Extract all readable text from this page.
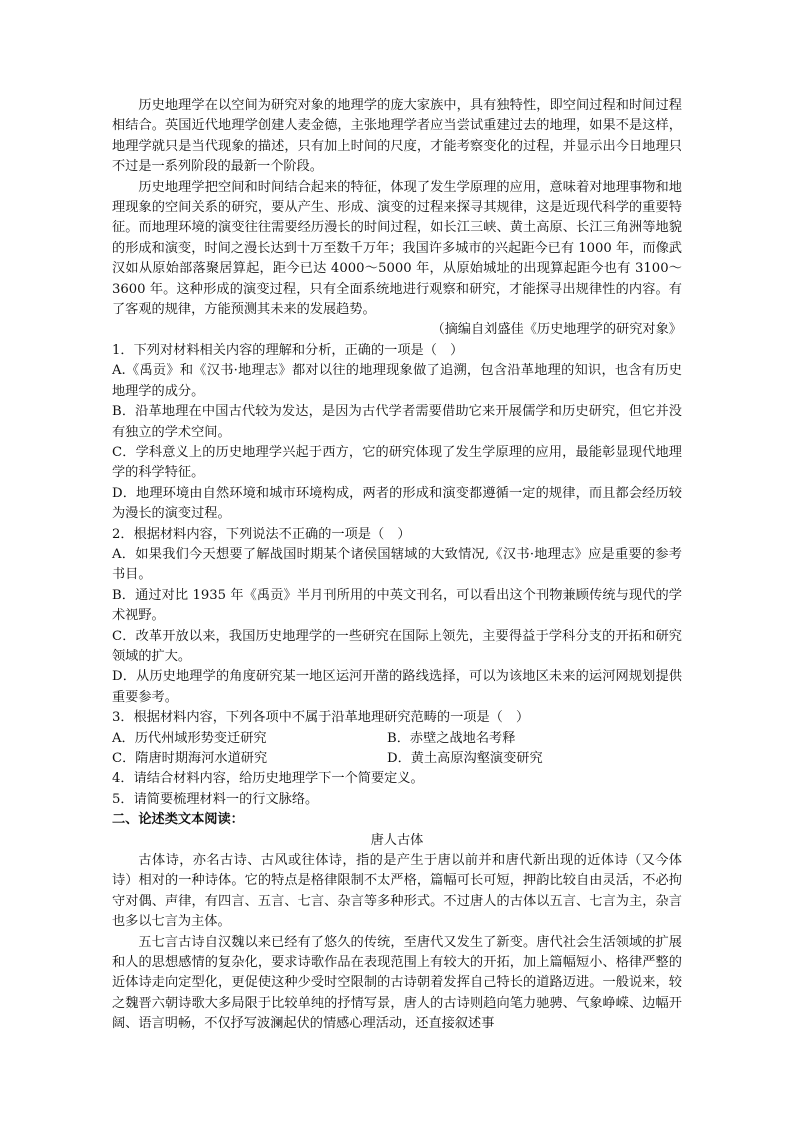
历史地理学在以空间为研究对象的地理学的庞大家族中，具有独特性，即空间过程和时间过程相结合。英国近代地理学创建人麦金德，主张地理学者应当尝试重建过去的地理，如果不是这样，地理学就只是当代现象的描述，只有加上时间的尺度，才能考察变化的过程，并显示出今日地理只不过是一系列阶段的最新一个阶段。

历史地理学把空间和时间结合起来的特征，体现了发生学原理的应用，意味着对地理事物和地理现象的空间关系的研究，要从产生、形成、演变的过程来探寻其规律，这是近现代科学的重要特征。而地理环境的演变往往需要经历漫长的时间过程，如长江三峡、黄土高原、长江三角洲等地貌的形成和演变，时间之漫长达到十万至数千万年；我国许多城市的兴起距今已有 1000 年，而像武汉如从原始部落聚居算起，距今已达 4000～5000 年，从原始城址的出现算起距今也有 3100～3600 年。这种形成的演变过程，只有全面系统地进行观察和研究，才能探寻出规律性的内容。有了客观的规律，方能预测其未来的发展趋势。

（摘编自刘盛佳《历史地理学的研究对象》

1．下列对材料相关内容的理解和分析，正确的一项是（　）

A.《禹贡》和《汉书·地理志》都对以往的地理现象做了追溯，包含沿革地理的知识，也含有历史地理学的成分。

B．沿革地理在中国古代较为发达，是因为古代学者需要借助它来开展儒学和历史研究，但它并没有独立的学术空间。

C．学科意义上的历史地理学兴起于西方，它的研究体现了发生学原理的应用，最能彰显现代地理学的科学特征。

D．地理环境由自然环境和城市环境构成，两者的形成和演变都遵循一定的规律，而且都会经历较为漫长的演变过程。

2．根据材料内容，下列说法不正确的一项是（　）

A．如果我们今天想要了解战国时期某个诸侯国辖域的大致情况,《汉书·地理志》应是重要的参考书目。

B．通过对比 1935 年《禹贡》半月刊所用的中英文刊名，可以看出这个刊物兼顾传统与现代的学术视野。

C．改革开放以来，我国历史地理学的一些研究在国际上领先，主要得益于学科分支的开拓和研究领域的扩大。

D．从历史地理学的角度研究某一地区运河开凿的路线选择，可以为该地区未来的运河网规划提供重要参考。

3．根据材料内容，下列各项中不属于沿革地理研究范畴的一项是（　）

A．历代州域形势变迁研究	B．赤壁之战地名考释
C．隋唐时期海河水道研究	D．黄土高原沟壑演变研究

4．请结合材料内容，给历史地理学下一个简要定义。

5．请简要梳理材料一的行文脉络。

二、论述类文本阅读：

唐人古体

古体诗，亦名古诗、古风或往体诗，指的是产生于唐以前并和唐代新出现的近体诗（又今体诗）相对的一种诗体。它的特点是格律限制不太严格，篇幅可长可短，押韵比较自由灵活，不必拘守对偶、声律，有四言、五言、七言、杂言等多种形式。不过唐人的古体以五言、七言为主，杂言也多以七言为主体。

五七言古诗自汉魏以来已经有了悠久的传统，至唐代又发生了新变。唐代社会生活领域的扩展和人的思想感情的复杂化，要求诗歌作品在表现范围上有较大的开拓，加上篇幅短小、格律严整的近体诗走向定型化，更促使这种少受时空限制的古诗朝着发挥自己特长的道路迈进。一般说来，较之魏晋六朝诗歌大多局限于比较单纯的抒情写景，唐人的古诗则趋向笔力驰骋、气象峥嵘、边幅开阔、语言明畅，不仅抒写波澜起伏的情感心理活动，还直接叙述事
